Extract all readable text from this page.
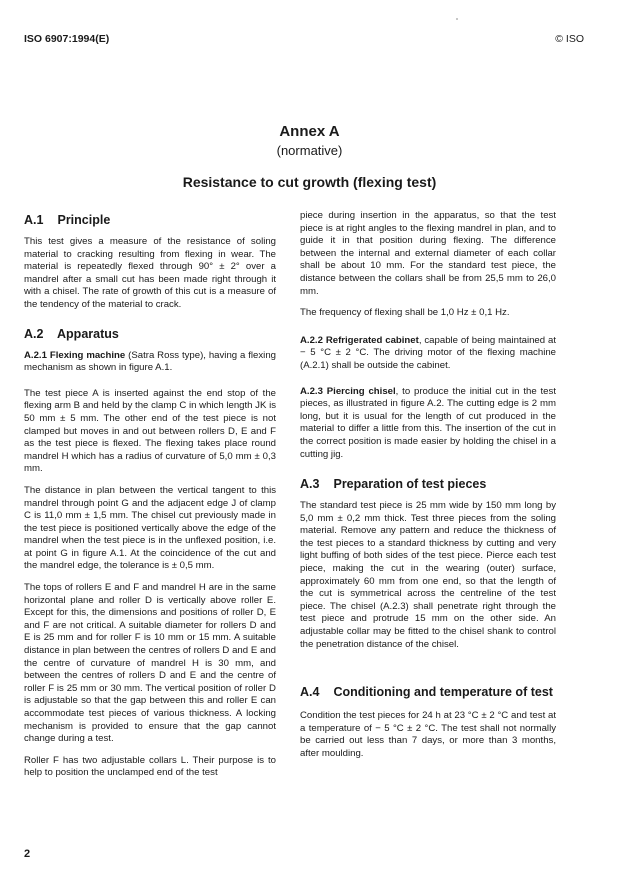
ISO 6907:1994(E)	© ISO
Annex A
(normative)
Resistance to cut growth (flexing test)
A.1 Principle

This test gives a measure of the resistance of soling material to cracking resulting from flexing in wear. The material is repeatedly flexed through 90° ± 2° over a mandrel after a small cut has been made right through it with a chisel. The rate of growth of this cut is a measure of the tendency of the material to crack.

A.2 Apparatus

A.2.1 Flexing machine (Satra Ross type), having a flexing mechanism as shown in figure A.1.

The test piece A is inserted against the end stop of the flexing arm B and held by the clamp C in which length JK is 50 mm ± 5 mm. The other end of the test piece is not clamped but moves in and out between rollers D, E and F as the test piece is flexed. The flexing takes place round mandrel H which has a radius of curvature of 5,0 mm ± 0,3 mm.

The distance in plan between the vertical tangent to this mandrel through point G and the adjacent edge J of clamp C is 11,0 mm ± 1,5 mm. The chisel cut previously made in the test piece is positioned vertically above the edge of the mandrel when the test piece is in the unflexed position, i.e. at point G in figure A.1. At the coincidence of the cut and the mandrel edge, the tolerance is ± 0,5 mm.

The tops of rollers E and F and mandrel H are in the same horizontal plane and roller D is vertically above roller E. Except for this, the dimensions and positions of roller D, E and F are not critical. A suitable diameter for rollers D and E is 25 mm and for roller F is 10 mm or 15 mm. A suitable distance in plan between the centres of rollers D and E and the centre of curvature of mandrel H is 30 mm, and between the centres of rollers D and E and the centre of roller F is 25 mm or 30 mm. The vertical position of roller D is adjustable so that the gap between this and roller E can accommodate test pieces of various thickness. A locking mechanism is provided to ensure that the gap cannot change during a test.

Roller F has two adjustable collars L. Their purpose is to help to position the unclamped end of the test

piece during insertion in the apparatus, so that the test piece is at right angles to the flexing mandrel in plan, and to guide it in that position during flexing. The difference between the internal and external diameter of each collar shall be about 10 mm. For the standard test piece, the distance between the collars shall be from 25,5 mm to 26,0 mm.

The frequency of flexing shall be 1,0 Hz ± 0,1 Hz.

A.2.2 Refrigerated cabinet, capable of being maintained at − 5 °C ± 2 °C. The driving motor of the flexing machine (A.2.1) shall be outside the cabinet.

A.2.3 Piercing chisel, to produce the initial cut in the test pieces, as illustrated in figure A.2. The cutting edge is 2 mm long, but it is usual for the length of cut produced in the material to differ a little from this. The insertion of the cut in the correct position is made easier by holding the chisel in a cutting jig.

A.3 Preparation of test pieces

The standard test piece is 25 mm wide by 150 mm long by 5,0 mm ± 0,2 mm thick. Test three pieces from the soling material. Remove any pattern and reduce the thickness of the test pieces to a standard thickness by cutting and very light buffing of both sides of the test piece. Pierce each test piece, making the cut in the wearing (outer) surface, approximately 60 mm from one end, so that the length of the cut is symmetrical across the centreline of the test piece. The chisel (A.2.3) shall penetrate right through the test piece and protrude 15 mm on the other side. An adjustable collar may be fitted to the chisel shank to control the penetration distance of the chisel.

A.4 Conditioning and temperature of test

Condition the test pieces for 24 h at 23 °C ± 2 °C and test at a temperature of − 5 °C ± 2 °C. The test shall not normally be carried out less than 7 days, or more than 3 months, after moulding.

2
